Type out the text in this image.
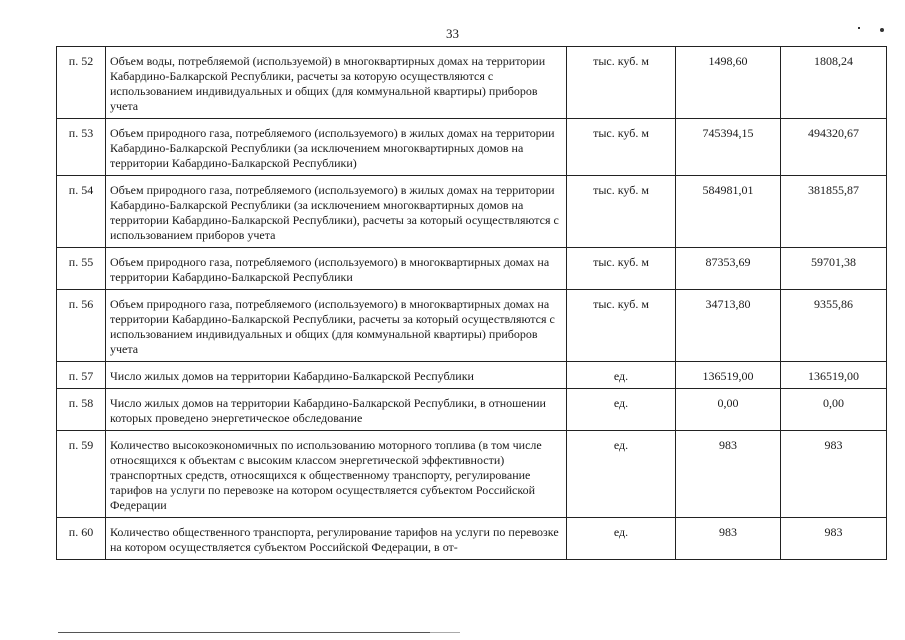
33
п. 52	Объем воды, потребляемой (используемой) в многоквартирных домах на территории Кабардино-Балкарской Республики, расчеты за которую осуществляются с использованием индивидуальных и общих (для коммунальной квартиры) приборов учета	тыс. куб. м	1498,60	1808,24
п. 53	Объем природного газа, потребляемого (используемого) в жилых домах на территории Кабардино-Балкарской Республики (за исключением многоквартирных домов на территории Кабардино-Балкарской Республики)	тыс. куб. м	745394,15	494320,67
п. 54	Объем природного газа, потребляемого (используемого) в жилых домах на территории Кабардино-Балкарской Республики (за исключением многоквартирных домов на территории Кабардино-Балкарской Республики), расчеты за который осуществляются с использованием приборов учета	тыс. куб. м	584981,01	381855,87
п. 55	Объем природного газа, потребляемого (используемого) в многоквартирных домах на территории Кабардино-Балкарской Республики	тыс. куб. м	87353,69	59701,38
п. 56	Объем природного газа, потребляемого (используемого) в многоквартирных домах на территории Кабардино-Балкарской Республики, расчеты за который осуществляются с использованием индивидуальных и общих (для коммунальной квартиры) приборов учета	тыс. куб. м	34713,80	9355,86
п. 57	Число жилых домов на территории Кабардино-Балкарской Республики	ед.	136519,00	136519,00
п. 58	Число жилых домов на территории Кабардино-Балкарской Республики, в отношении которых проведено энергетическое обследование	ед.	0,00	0,00
п. 59	Количество высокоэкономичных по использованию моторного топлива (в том числе относящихся к объектам с высоким классом энергетической эффективности) транспортных средств, относящихся к общественному транспорту, регулирование тарифов на услуги по перевозке на котором осуществляется субъектом Российской Федерации	ед.	983	983
п. 60	Количество общественного транспорта, регулирование тарифов на услуги по перевозке на котором осуществляется субъектом Российской Федерации, в от-	ед.	983	983
